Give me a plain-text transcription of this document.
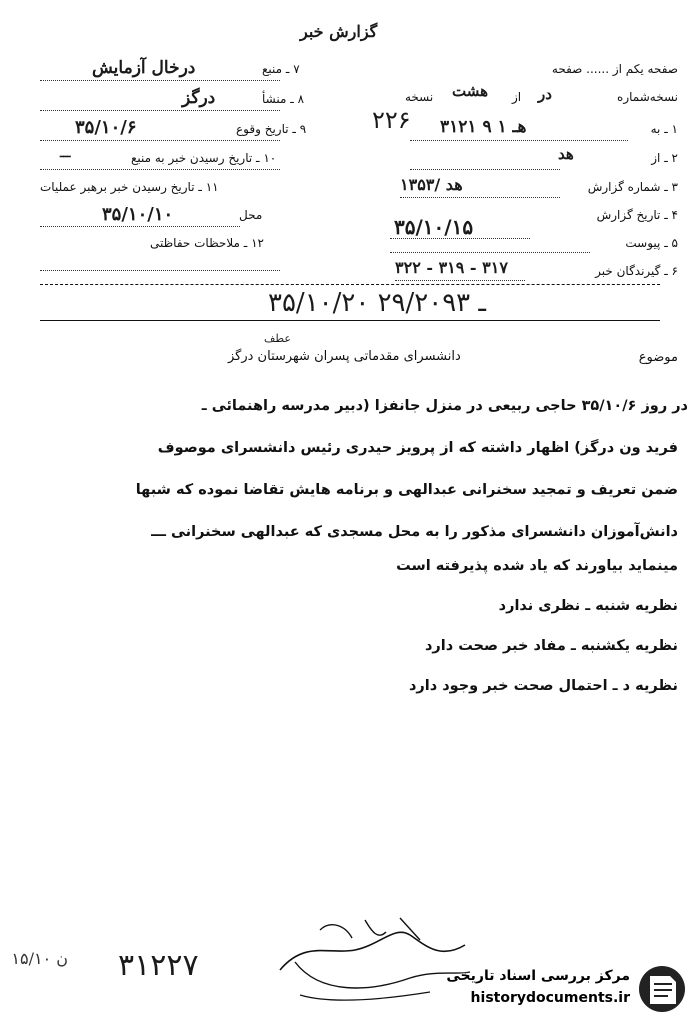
گزارش خبر
۷ ـ منبع
درخال آزمایش
۸ ـ منشأ
درگز
۹ ـ تاریخ وقوع
۳۵/۱۰/۶
۱۰ ـ تاریخ رسیدن خبر به منبع
ـــ
۱۱ ـ تاریخ رسیدن خبر برهبر عملیات
محل
۳۵/۱۰/۱۰
۱۲ ـ ملاحظات حفاظتی
صفحه یکم از ...... صفحه
نسخه‌شماره
در
از
هشت
نسخه
۲۲۶	۱ ـ به
۳۱۲۱ ۹ هـ ۱
۲ ـ از
هد
۳ ـ شماره گزارش
هد /۱۳۵۳
۴ ـ تاریخ گزارش
۳۵/۱۰/۱۵
۵ ـ پیوست
۶ ـ گیرندگان خبر
۳۲۲ - ۳۱۹ - ۳۱۷
۳۵/۱۰/۲۰ ـ ۲۹/۲۰۹۳
موضوع
دانشسرای مقدماتی پسران شهرستان درگز
عطف
در روز ۳۵/۱۰/۶ حاجی ربیعی در منزل جانفزا (دبیر مدرسه راهنمائی ـ
فرید ون درگز) اظهار داشته که از پرویز حیدری رئیس دانشسرای موصوف
ضمن تعریف و تمجید سخنرانی عبدالهی و برنامه هایش تقاضا نموده که شبها
دانش‌آموزان دانشسرای مذکور را به محل مسجدی که عبدالهی سخنرانی ـــ
مینماید بیاورند که یاد شده پذیرفته است
نظریه شنبه ـ نظری ندارد
نظریه یکشنبه ـ مفاد خبر صحت دارد
نظریه د ـ احتمال صحت خبر وجود دارد
۳۱۲۲۷
ن ۱۵/۱۰
مرکز بررسی اسناد تاریخی
historydocuments.ir
